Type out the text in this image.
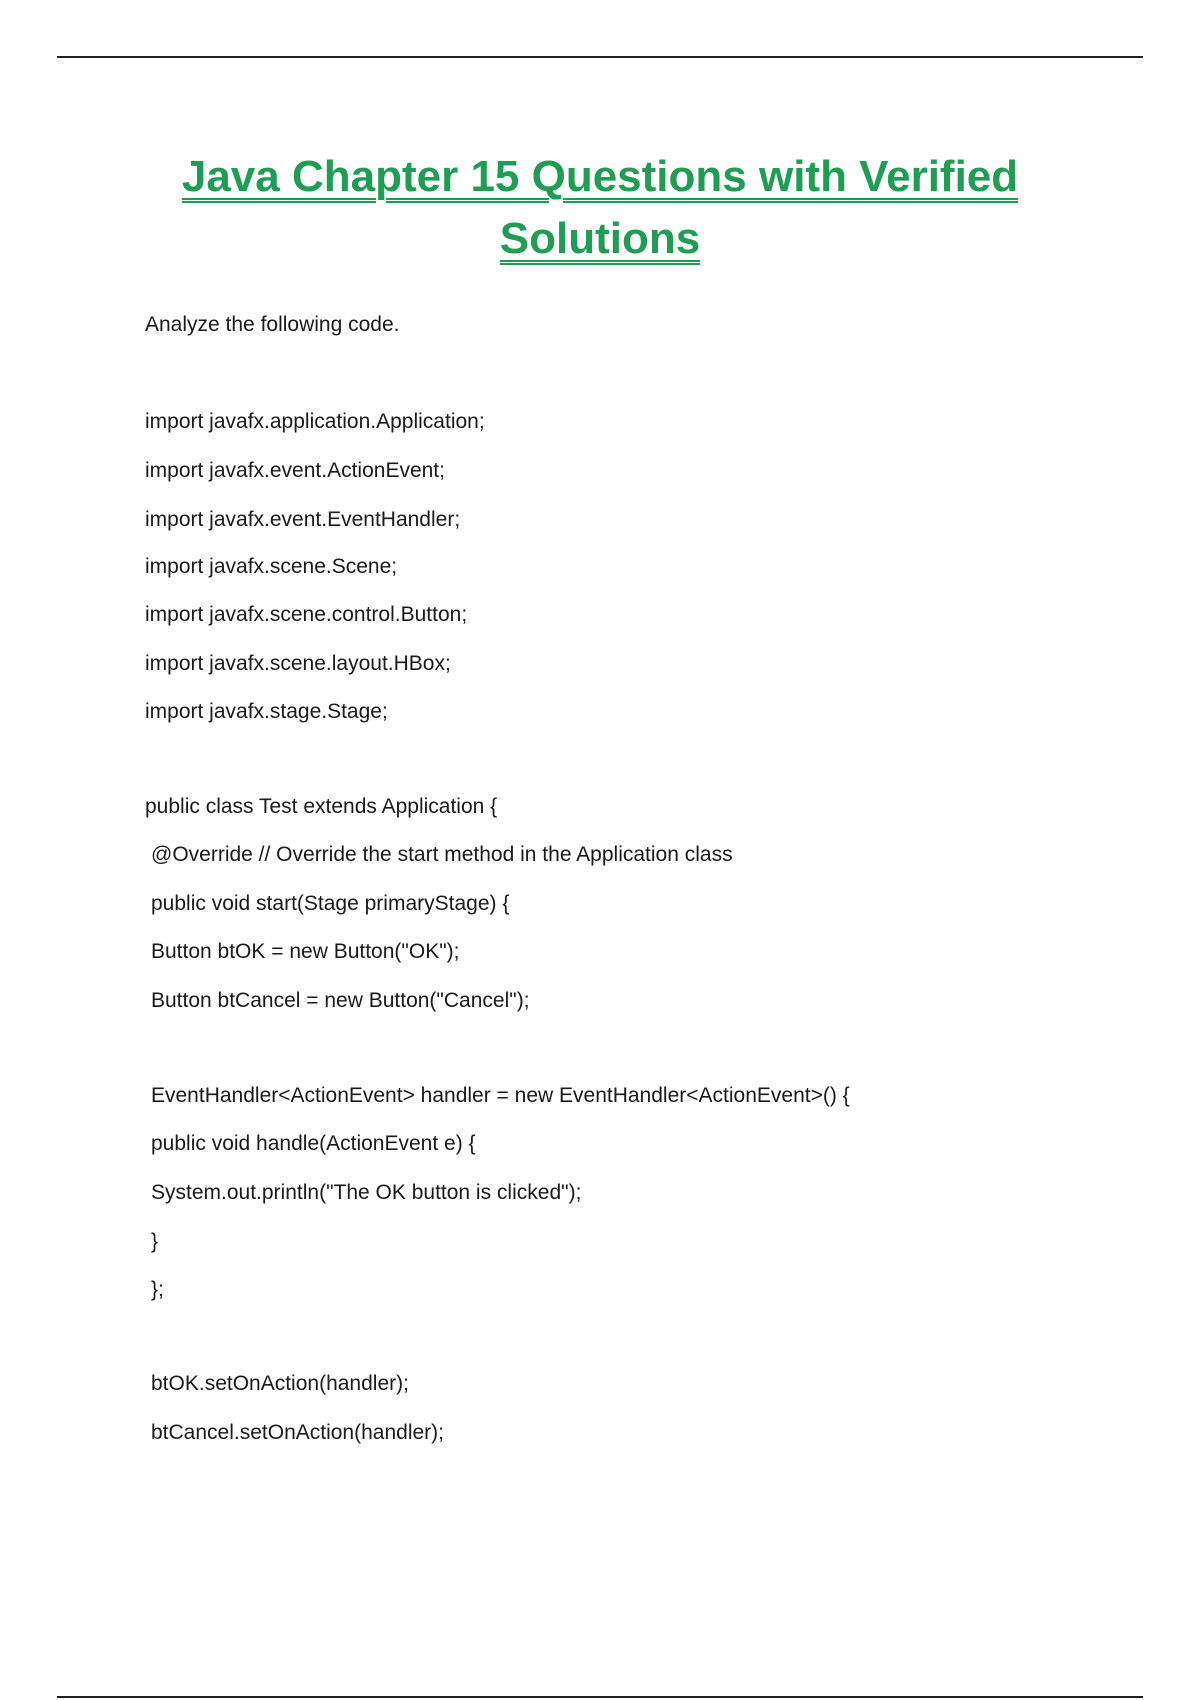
Java Chapter 15 Questions with Verified Solutions

Analyze the following code.

import javafx.application.Application;

import javafx.event.ActionEvent;

import javafx.event.EventHandler;

import javafx.scene.Scene;

import javafx.scene.control.Button;

import javafx.scene.layout.HBox;

import javafx.stage.Stage;

public class Test extends Application {

@Override // Override the start method in the Application class

public void start(Stage primaryStage) {

Button btOK = new Button("OK");

Button btCancel = new Button("Cancel");

EventHandler<ActionEvent> handler = new EventHandler<ActionEvent>() {

public void handle(ActionEvent e) {

System.out.println("The OK button is clicked");

}

};

btOK.setOnAction(handler);

btCancel.setOnAction(handler);
